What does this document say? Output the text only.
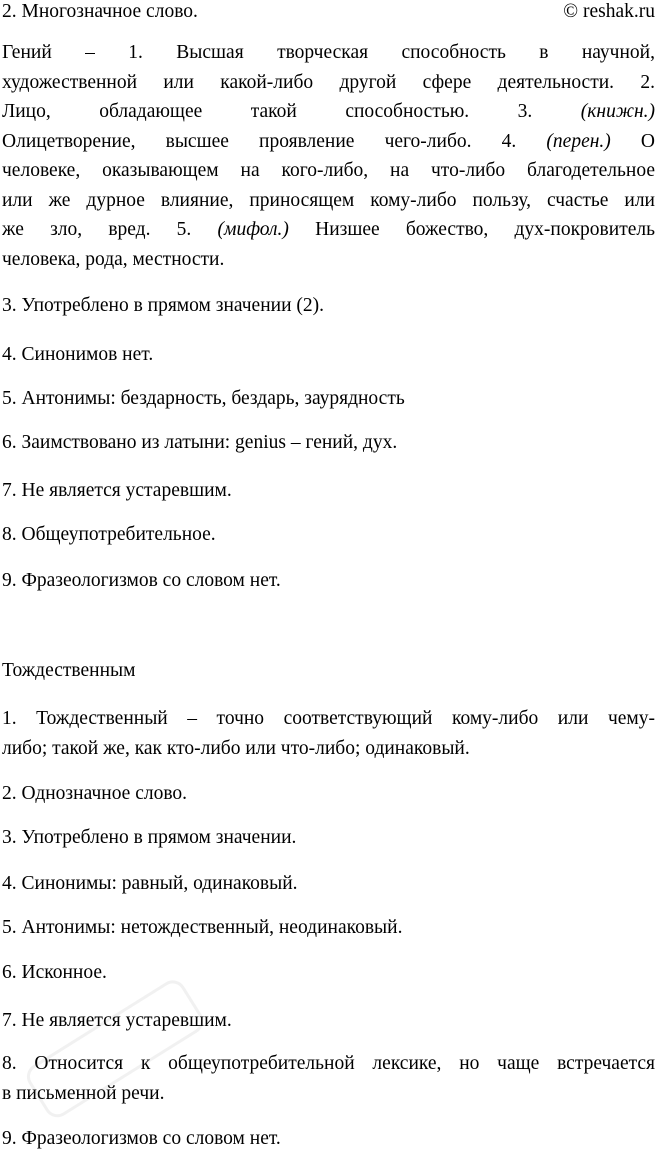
2. Многозначное слово.	© reshak.ru
Гений – 1. Высшая творческая способность в научной,
художественной или какой-либо другой сфере деятельности. 2.
Лицо, обладающее такой способностью. 3. (книжн.)
Олицетворение, высшее проявление чего-либо. 4. (перен.) О
человеке, оказывающем на кого-либо, на что-либо благодетельное
или же дурное влияние, приносящем кому-либо пользу, счастье или
же зло, вред. 5. (мифол.) Низшее божество, дух-покровитель
человека, рода, местности.

3. Употреблено в прямом значении (2).

4. Синонимов нет.

5. Антонимы: бездарность, бездарь, заурядность

6. Заимствовано из латыни: genius – гений, дух.

7. Не является устаревшим.

8. Общеупотребительное.

9. Фразеологизмов со словом нет.

Тождественным

1. Тождественный – точно соответствующий кому-либо или чему-
либо; такой же, как кто-либо или что-либо; одинаковый.

2. Однозначное слово.

3. Употреблено в прямом значении.

4. Синонимы: равный, одинаковый.

5. Антонимы: нетождественный, неодинаковый.

6. Исконное.

7. Не является устаревшим.

8. Относится к общеупотребительной лексике, но чаще встречается
в письменной речи.

9. Фразеологизмов со словом нет.
